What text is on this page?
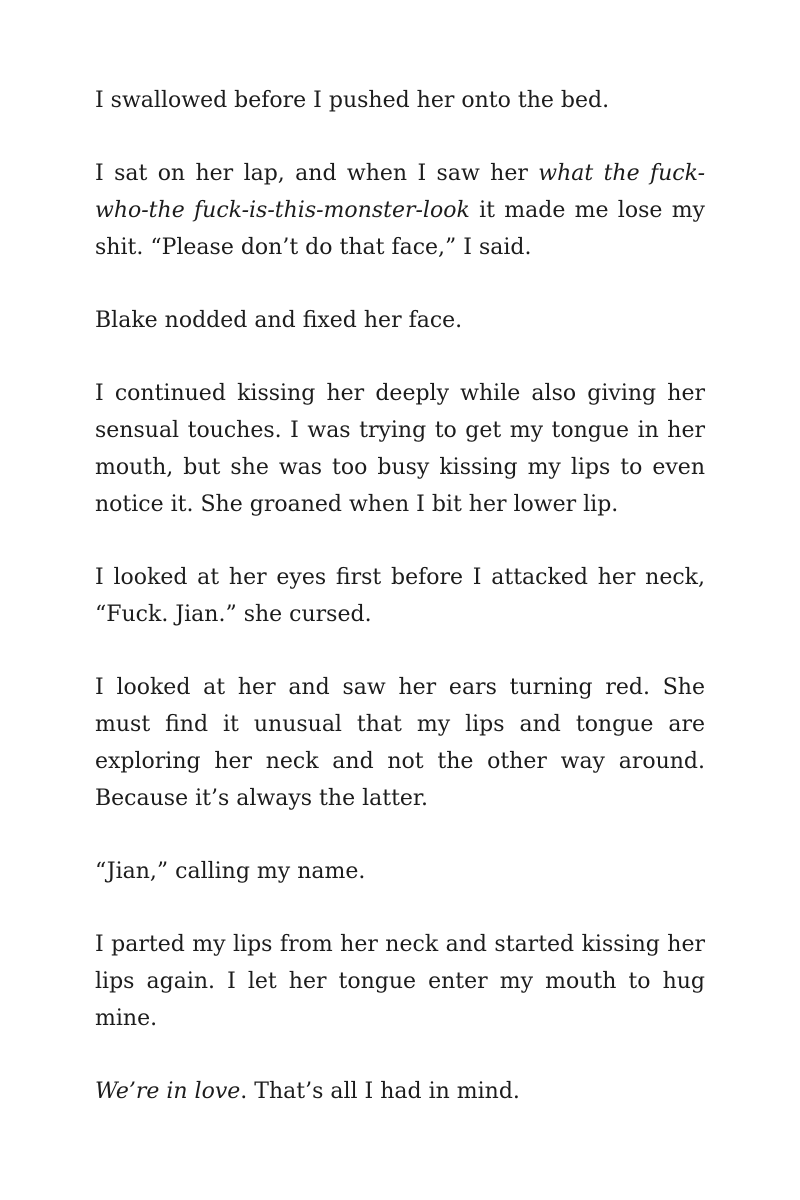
I swallowed before I pushed her onto the bed.

I sat on her lap, and when I saw her what the fuck-who-the fuck-is-this-monster-look it made me lose my shit. “Please don’t do that face,” I said.

Blake nodded and fixed her face.

I continued kissing her deeply while also giving her sensual touches. I was trying to get my tongue in her mouth, but she was too busy kissing my lips to even notice it. She groaned when I bit her lower lip.

I looked at her eyes first before I attacked her neck, “Fuck. Jian.” she cursed.

I looked at her and saw her ears turning red. She must find it unusual that my lips and tongue are exploring her neck and not the other way around. Because it’s always the latter.

“Jian,” calling my name.

I parted my lips from her neck and started kissing her lips again. I let her tongue enter my mouth to hug mine.

We’re in love. That’s all I had in mind.
